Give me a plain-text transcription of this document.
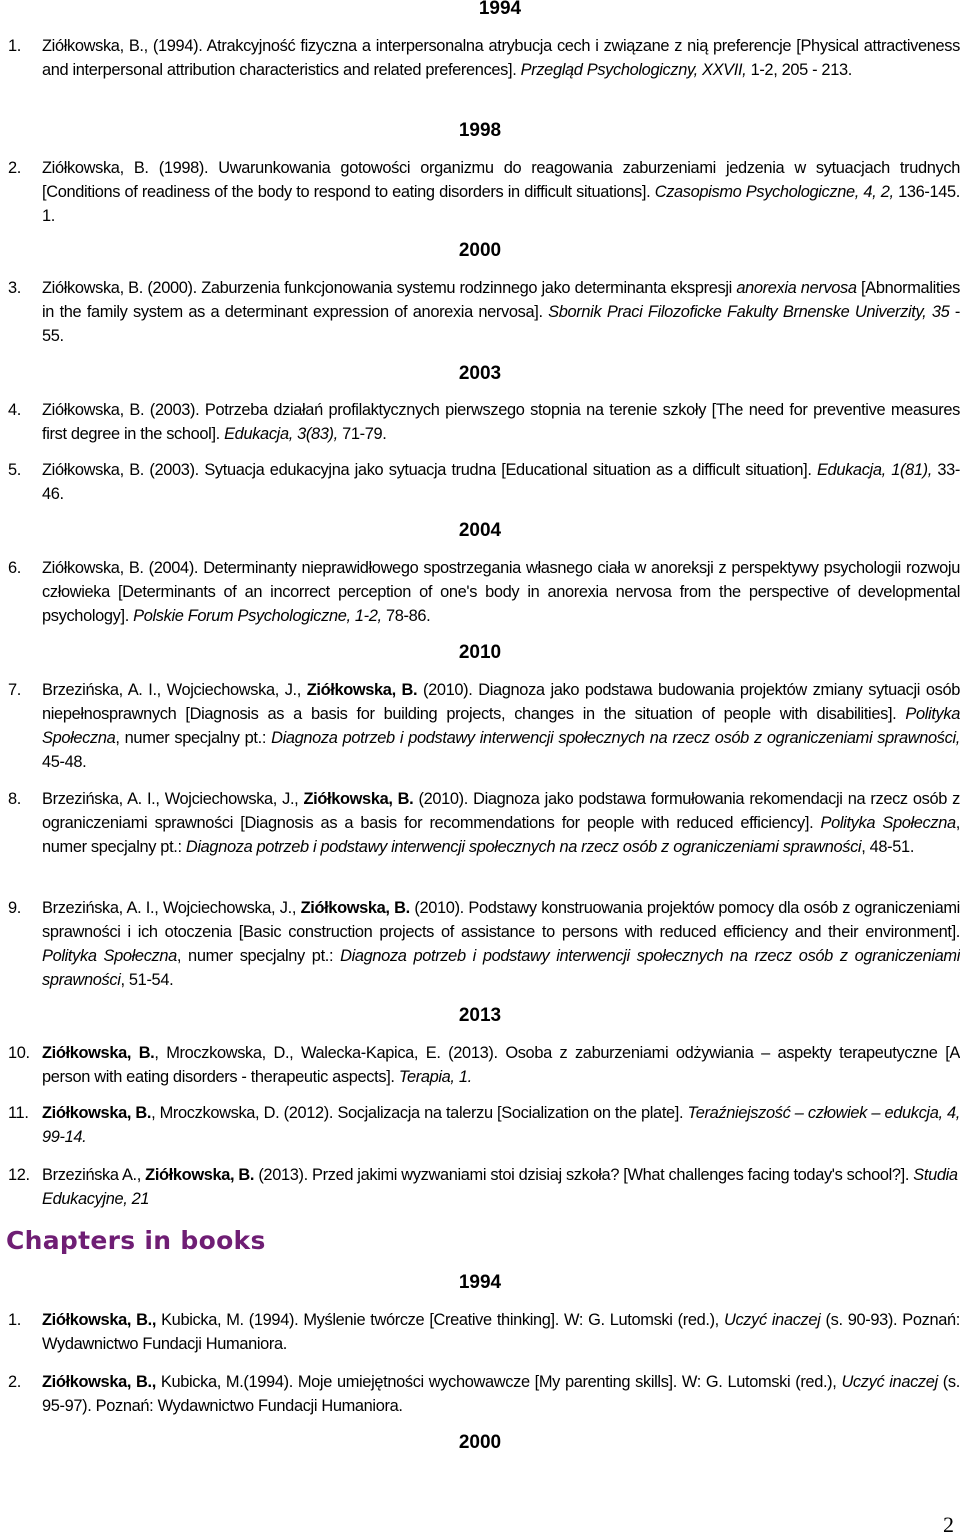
1994
1.	Ziółkowska, B., (1994). Atrakcyjność fizyczna a interpersonalna atrybucja cech i związane z nią preferencje [Physical attractiveness and interpersonal attribution characteristics and related preferences]. Przegląd Psychologiczny, XXVII, 1-2, 205 - 213.
1998
2.	Ziółkowska, B. (1998). Uwarunkowania gotowości organizmu do reagowania zaburzeniami jedzenia w sytuacjach trudnych [Conditions of readiness of the body to respond to eating disorders in difficult situations]. Czasopismo Psychologiczne, 4, 2, 136-145. 1.
2000
3.	Ziółkowska, B. (2000). Zaburzenia funkcjonowania systemu rodzinnego jako determinanta ekspresji anorexia nervosa [Abnormalities in the family system as a determinant expression of anorexia nervosa]. Sbornik Praci Filozoficke Fakulty Brnenske Univerzity, 35 - 55.
2003
4.	Ziółkowska, B. (2003). Potrzeba działań profilaktycznych pierwszego stopnia na terenie szkoły [The need for preventive measures first degree in the school]. Edukacja, 3(83), 71-79.
5.	Ziółkowska, B. (2003). Sytuacja edukacyjna jako sytuacja trudna [Educational situation as a difficult situation]. Edukacja, 1(81), 33-46.
2004
6.	Ziółkowska, B. (2004). Determinanty nieprawidłowego spostrzegania własnego ciała w anoreksji z perspektywy psychologii rozwoju człowieka [Determinants of an incorrect perception of one's body in anorexia nervosa from the perspective of developmental psychology]. Polskie Forum Psychologiczne, 1-2, 78-86.
2010
7.	Brzezińska, A. I., Wojciechowska, J., Ziółkowska, B. (2010). Diagnoza jako podstawa budowania projektów zmiany sytuacji osób niepełnosprawnych [Diagnosis as a basis for building projects, changes in the situation of people with disabilities]. Polityka Społeczna, numer specjalny pt.: Diagnoza potrzeb i podstawy interwencji społecznych na rzecz osób z ograniczeniami sprawności, 45-48.
8.	Brzezińska, A. I., Wojciechowska, J., Ziółkowska, B. (2010). Diagnoza jako podstawa formułowania rekomendacji na rzecz osób z ograniczeniami sprawności [Diagnosis as a basis for recommendations for people with reduced efficiency]. Polityka Społeczna, numer specjalny pt.: Diagnoza potrzeb i podstawy interwencji społecznych na rzecz osób z ograniczeniami sprawności, 48-51.
9.	Brzezińska, A. I., Wojciechowska, J., Ziółkowska, B. (2010). Podstawy konstruowania projektów pomocy dla osób z ograniczeniami sprawności i ich otoczenia [Basic construction projects of assistance to persons with reduced efficiency and their environment]. Polityka Społeczna, numer specjalny pt.: Diagnoza potrzeb i podstawy interwencji społecznych na rzecz osób z ograniczeniami sprawności, 51-54.
2013
10. Ziółkowska, B., Mroczkowska, D., Walecka-Kapica, E. (2013). Osoba z zaburzeniami odżywiania – aspekty terapeutyczne [A person with eating disorders - therapeutic aspects]. Terapia, 1.
11. Ziółkowska, B., Mroczkowska, D. (2012). Socjalizacja na talerzu [Socialization on the plate]. Teraźniejszość – człowiek – edukcja, 4, 99-14.
12. Brzezińska A., Ziółkowska, B. (2013). Przed jakimi wyzwaniami stoi dzisiaj szkoła? [What challenges facing today's school?]. Studia Edukacyjne, 21
Chapters in books
1994
1.	Ziółkowska, B., Kubicka, M. (1994). Myślenie twórcze [Creative thinking]. W: G. Lutomski (red.), Uczyć inaczej (s. 90-93). Poznań: Wydawnictwo Fundacji Humaniora.
2.	Ziółkowska, B., Kubicka, M.(1994). Moje umiejętności wychowawcze [My parenting skills]. W: G. Lutomski (red.), Uczyć inaczej (s. 95-97). Poznań: Wydawnictwo Fundacji Humaniora.
2000
2
